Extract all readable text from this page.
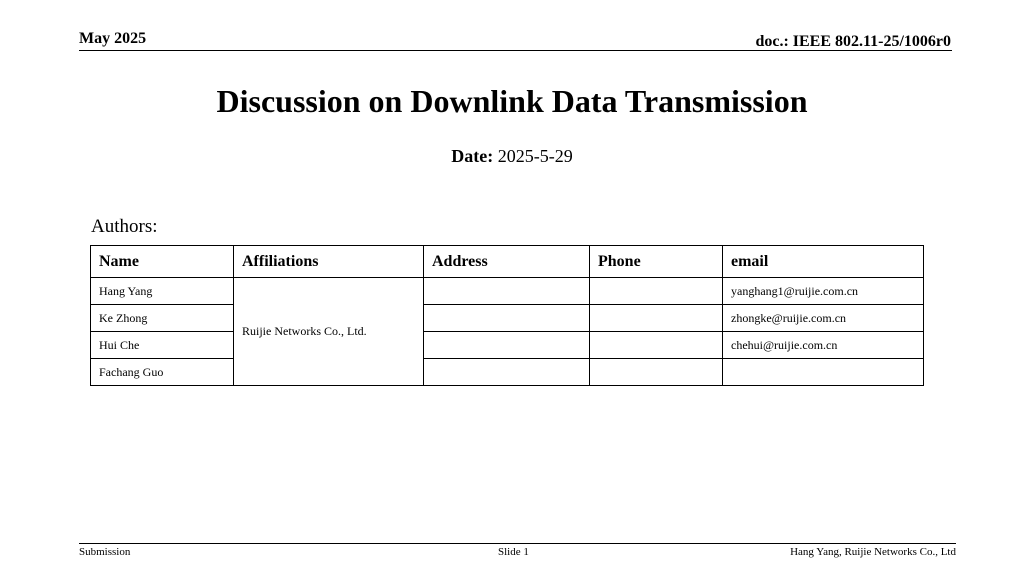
May 2025	doc.: IEEE 802.11-25/1006r0
Discussion on Downlink Data Transmission
Date: 2025-5-29
Authors:
Name	Affiliations	Address	Phone	email
Hang Yang	Ruijie Networks Co., Ltd.			yanghang1@ruijie.com.cn
Ke Zhong				zhongke@ruijie.com.cn
Hui Che				chehui@ruijie.com.cn
Fachang Guo				
Submission	Slide 1	Hang Yang, Ruijie Networks Co., Ltd
